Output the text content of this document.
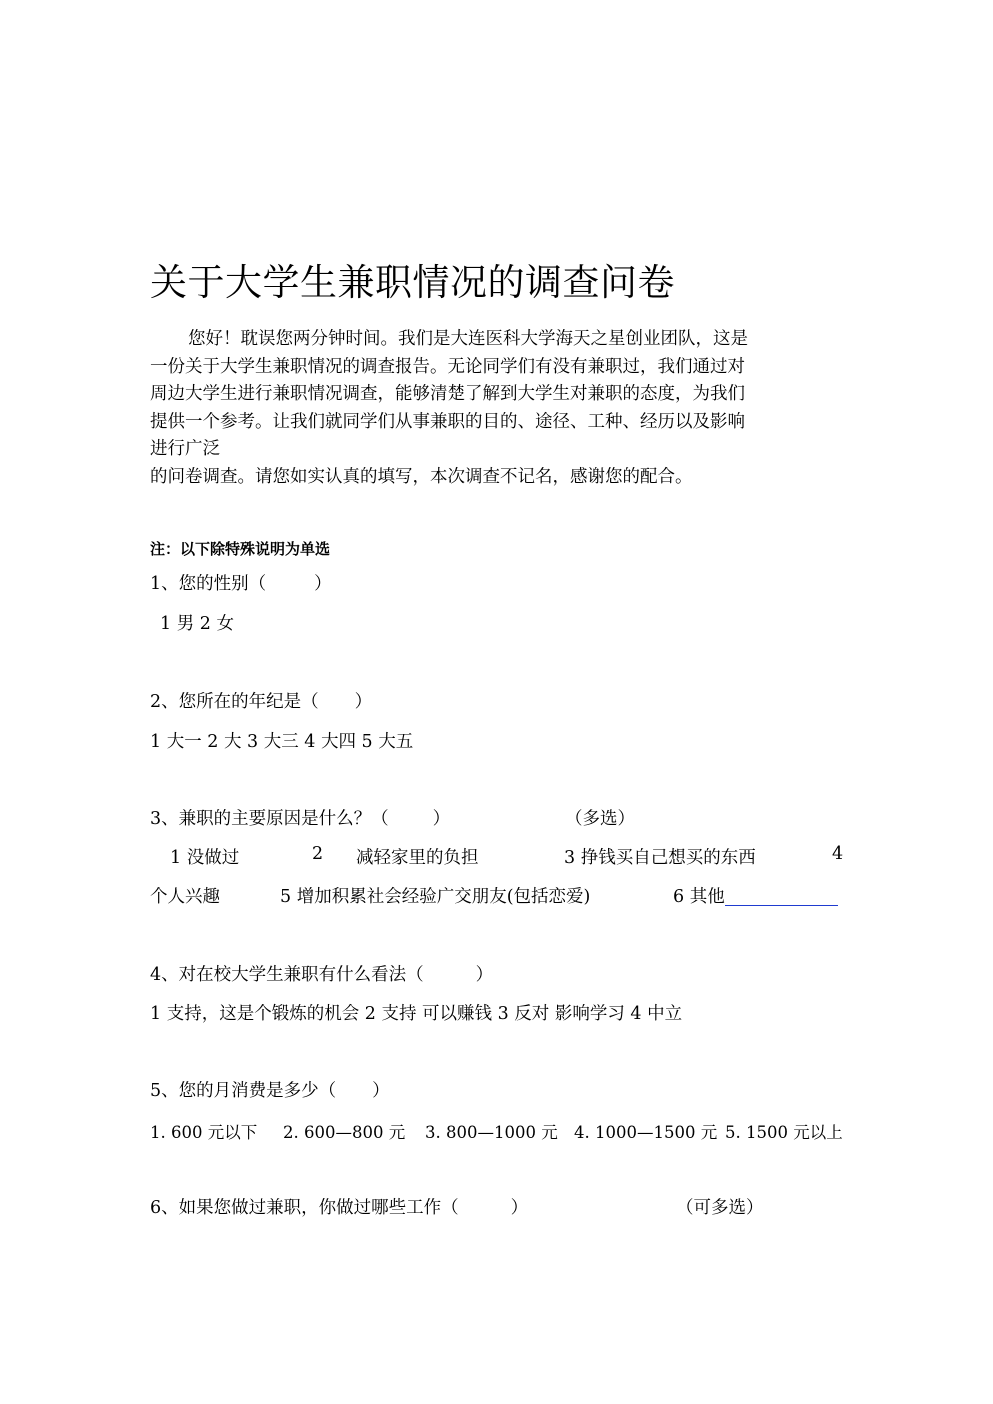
关于大学生兼职情况的调查问卷

您好！耽误您两分钟时间。我们是大连医科大学海天之星创业团队，这是

一份关于大学生兼职情况的调查报告。无论同学们有没有兼职过，我们通过对

周边大学生进行兼职情况调查，能够清楚了解到大学生对兼职的态度，为我们

提供一个参考。让我们就同学们从事兼职的目的、途径、工种、经历以及影响

进行广泛

的问卷调查。请您如实认真的填写，本次调查不记名，感谢您的配合。

注：以下除特殊说明为单选
1、您的性别（	）
1 男 2 女
2、您所在的年纪是（ ）
1 大一 2 大 3 大三 4 大四 5 大五
3、兼职的主要原因是什么？（	）	（多选）
1 没做过	2 减轻家里的负担	3 挣钱买自己想买的东西	4
个人兴趣	5 增加积累社会经验广交朋友(包括恋爱)	6 其他
4、对在校大学生兼职有什么看法（	）
1 支持，这是个锻炼的机会 2 支持 可以赚钱 3 反对 影响学习 4 中立
5、您的月消费是多少（ ）
1. 600 元以下 2. 600—800 元 3. 800—1000 元 4. 1000—1500 元 5. 1500 元以上
6、如果您做过兼职，你做过哪些工作（	）	（可多选）
